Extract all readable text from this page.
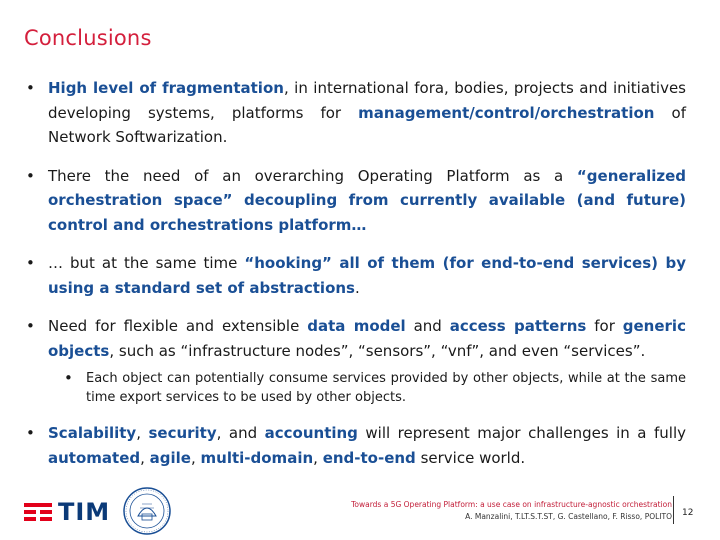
Conclusions
• High level of fragmentation, in international fora, bodies, projects and initiatives developing systems, platforms for management/control/orchestration of Network Softwarization.
• There the need of an overarching Operating Platform as a “generalized orchestration space” decoupling from currently available (and future) control and orchestrations platform…
• … but at the same time “hooking” all of them (for end-to-end services) by using a standard set of abstractions.
• Need for flexible and extensible data model and access patterns for generic objects, such as “infrastructure nodes”, “sensors”, “vnf”, and even “services”.
• Each object can potentially consume services provided by other objects, while at the same time export services to be used by other objects.
• Scalability, security, and accounting will represent major challenges in a fully automated, agile, multi-domain, end-to-end service world.
TIM	Towards a 5G Operating Platform: a use case on infrastructure-agnostic orchestration
A. Manzalini, T.LT.S.T.ST, G. Castellano, F. Risso, POLITO 12
